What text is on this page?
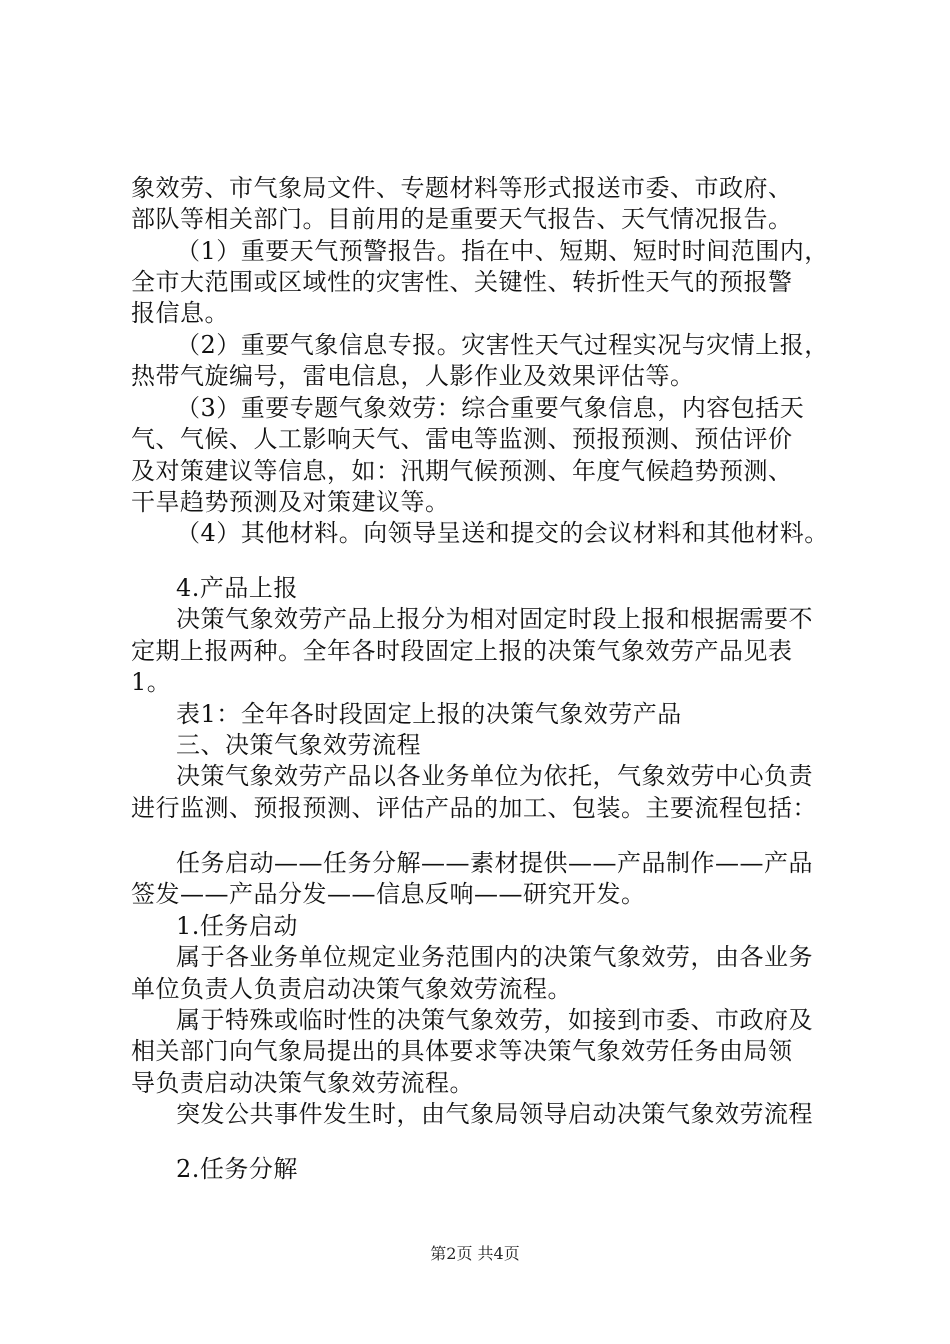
象效劳、市气象局文件、专题材料等形式报送市委、市政府、
部队等相关部门。目前用的是重要天气报告、天气情况报告。
（1）重要天气预警报告。指在中、短期、短时时间范围内，
全市大范围或区域性的灾害性、关键性、转折性天气的预报警
报信息。
（2）重要气象信息专报。灾害性天气过程实况与灾情上报，
热带气旋编号，雷电信息，人影作业及效果评估等。
（3）重要专题气象效劳：综合重要气象信息，内容包括天
气、气候、人工影响天气、雷电等监测、预报预测、预估评价
及对策建议等信息，如：汛期气候预测、年度气候趋势预测、
干旱趋势预测及对策建议等。
（4）其他材料。向领导呈送和提交的会议材料和其他材料。
4.产品上报
决策气象效劳产品上报分为相对固定时段上报和根据需要不
定期上报两种。全年各时段固定上报的决策气象效劳产品见表
1。
表1：全年各时段固定上报的决策气象效劳产品
三、决策气象效劳流程
决策气象效劳产品以各业务单位为依托，气象效劳中心负责
进行监测、预报预测、评估产品的加工、包装。主要流程包括：
任务启动——任务分解——素材提供——产品制作——产品
签发——产品分发——信息反响——研究开发。
1.任务启动
属于各业务单位规定业务范围内的决策气象效劳，由各业务
单位负责人负责启动决策气象效劳流程。
属于特殊或临时性的决策气象效劳，如接到市委、市政府及
相关部门向气象局提出的具体要求等决策气象效劳任务由局领
导负责启动决策气象效劳流程。
突发公共事件发生时，由气象局领导启动决策气象效劳流程
2.任务分解
第2页 共4页
